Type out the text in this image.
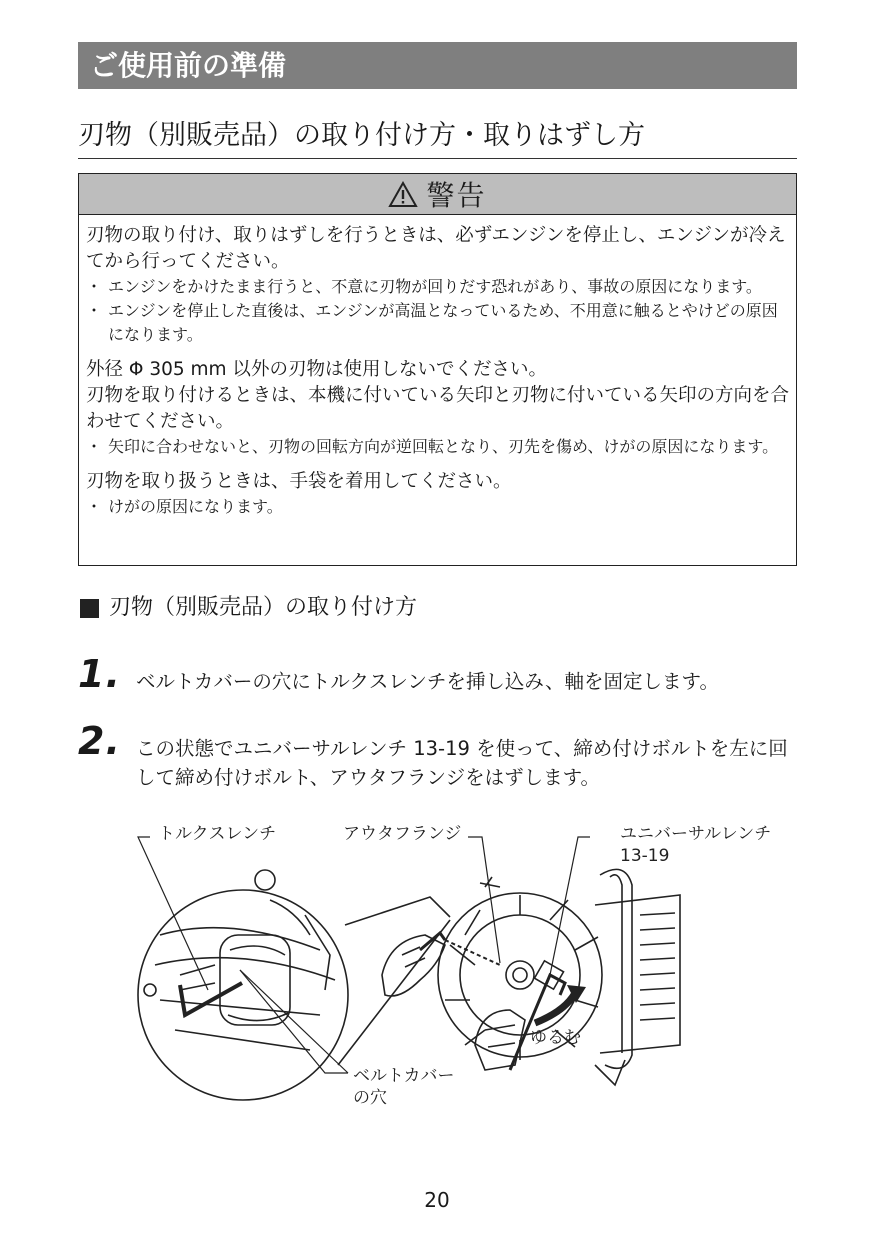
ご使用前の準備
刃物（別販売品）の取り付け方・取りはずし方
警告
刃物の取り付け、取りはずしを行うときは、必ずエンジンを停止し、エンジンが冷えてから行ってください。
・ エンジンをかけたまま行うと、不意に刃物が回りだす恐れがあり、事故の原因になります。
・ エンジンを停止した直後は、エンジンが高温となっているため、不用意に触るとやけどの原因になります。
外径 Φ 305 mm 以外の刃物は使用しないでください。
刃物を取り付けるときは、本機に付いている矢印と刃物に付いている矢印の方向を合わせてください。
・ 矢印に合わせないと、刃物の回転方向が逆回転となり、刃先を傷め、けがの原因になります。
刃物を取り扱うときは、手袋を着用してください。
・ けがの原因になります。
刃物（別販売品）の取り付け方
1. ベルトカバーの穴にトルクスレンチを挿し込み、軸を固定します。
2. この状態でユニバーサルレンチ 13-19 を使って、締め付けボルトを左に回して締め付けボルト、アウタフランジをはずします。
トルクスレンチ	アウタフランジ	ユニバーサルレンチ
13-19
ゆるむ
ベルトカバー
の穴
20
